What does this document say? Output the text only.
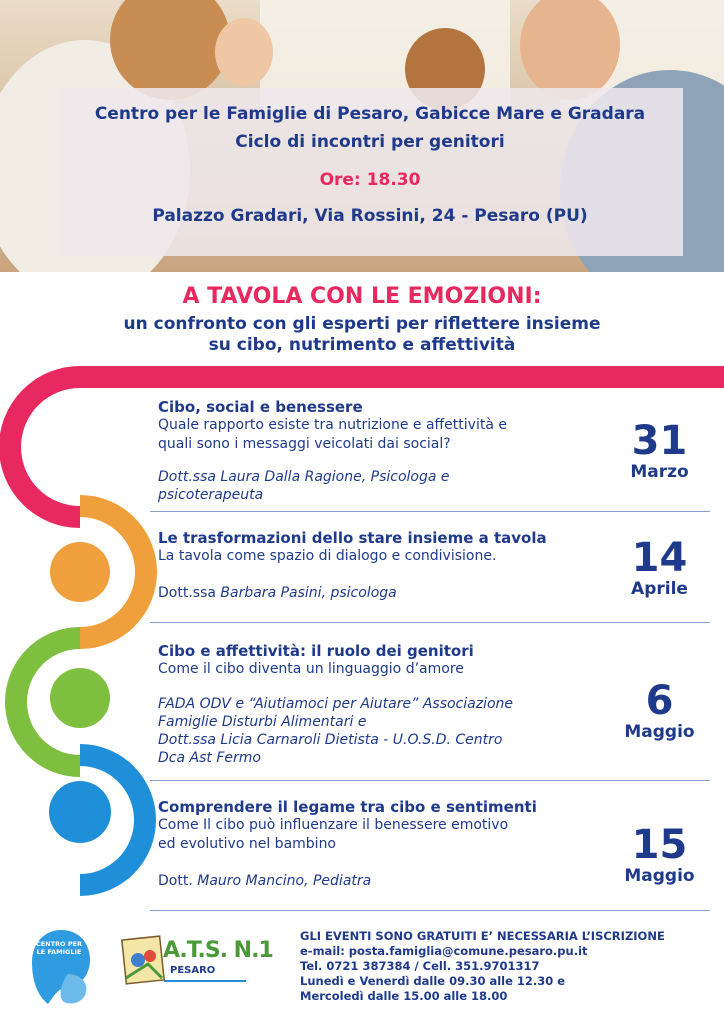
Centro per le Famiglie di Pesaro, Gabicce Mare e Gradara
Ciclo di incontri per genitori
Ore: 18.30
Palazzo Gradari, Via Rossini, 24 - Pesaro (PU)
A TAVOLA CON LE EMOZIONI:
un confronto con gli esperti per riflettere insieme
su cibo, nutrimento e affettività
Cibo, social e benessere
Quale rapporto esiste tra nutrizione e affettività e
quali sono i messaggi veicolati dai social?
Dott.ssa Laura Dalla Ragione, Psicologa e
psicoterapeuta
31
Marzo
Le trasformazioni dello stare insieme a tavola
La tavola come spazio di dialogo e condivisione.
Dott.ssa Barbara Pasini, psicologa
14
Aprile
Cibo e affettività: il ruolo dei genitori
Come il cibo diventa un linguaggio d’amore
FADA ODV e “Aiutiamoci per Aiutare” Associazione
Famiglie Disturbi Alimentari e
Dott.ssa Licia Carnaroli Dietista - U.O.S.D. Centro
Dca Ast Fermo
6
Maggio
Comprendere il legame tra cibo e sentimenti
Come Il cibo può influenzare il benessere emotivo
ed evolutivo nel bambino
Dott. Mauro Mancino, Pediatra
15
Maggio
CENTRO PER LE FAMIGLIE	A.T.S. N.1
PESARO
GLI EVENTI SONO GRATUITI E’ NECESSARIA L’ISCRIZIONE
e-mail: posta.famiglia@comune.pesaro.pu.it
Tel. 0721 387384 / Cell. 351.9701317
Lunedì e Venerdì dalle 09.30 alle 12.30 e
Mercoledì dalle 15.00 alle 18.00
